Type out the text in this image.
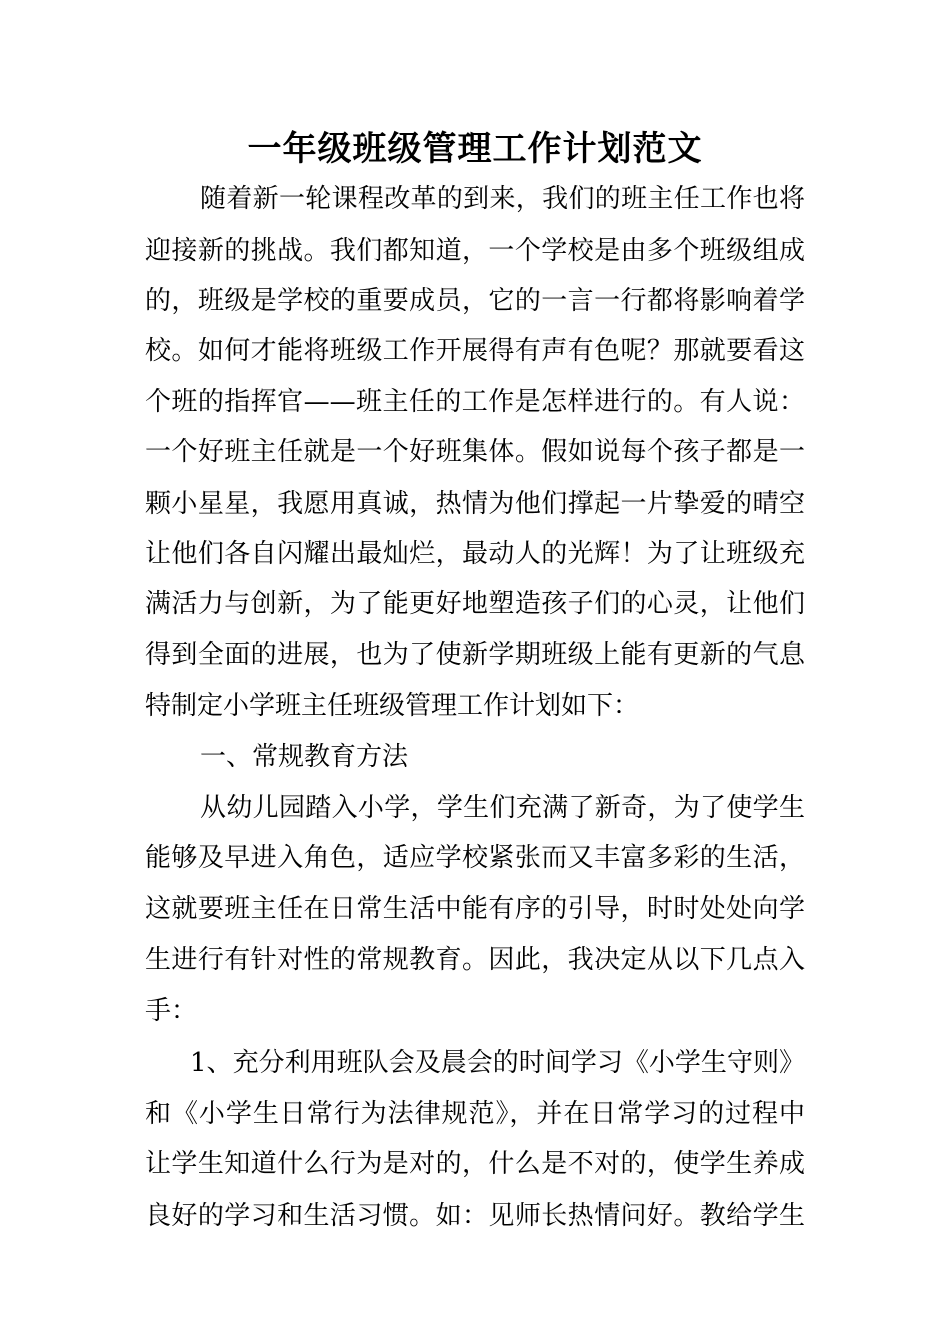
一年级班级管理工作计划范文
随着新一轮课程改革的到来，我们的班主任工作也将
迎接新的挑战。我们都知道，一个学校是由多个班级组成
的，班级是学校的重要成员，它的一言一行都将影响着学
校。如何才能将班级工作开展得有声有色呢？那就要看这
个班的指挥官——班主任的工作是怎样进行的。有人说：
一个好班主任就是一个好班集体。假如说每个孩子都是一
颗小星星，我愿用真诚，热情为他们撑起一片挚爱的晴空
让他们各自闪耀出最灿烂，最动人的光辉！为了让班级充
满活力与创新，为了能更好地塑造孩子们的心灵，让他们
得到全面的进展，也为了使新学期班级上能有更新的气息
特制定小学班主任班级管理工作计划如下：
一、常规教育方法
从幼儿园踏入小学，学生们充满了新奇，为了使学生
能够及早进入角色，适应学校紧张而又丰富多彩的生活，
这就要班主任在日常生活中能有序的引导，时时处处向学
生进行有针对性的常规教育。因此，我决定从以下几点入
手：
1、充分利用班队会及晨会的时间学习《小学生守则》
和《小学生日常行为法律规范》，并在日常学习的过程中
让学生知道什么行为是对的，什么是不对的，使学生养成
良好的学习和生活习惯。如：见师长热情问好。教给学生
